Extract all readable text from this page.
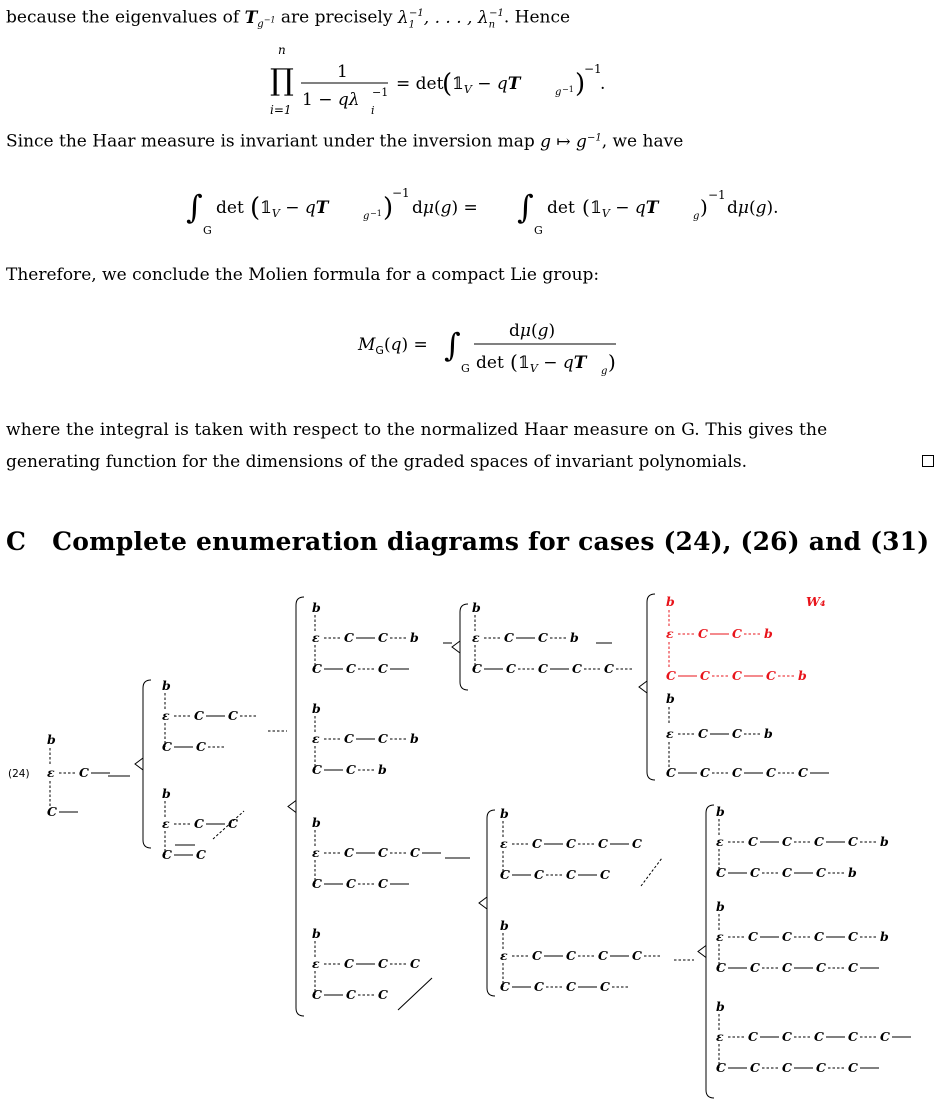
because the eigenvalues of $T_{g^{-1}}$ are precisely $\lambda_1^{-1}$, . . . , $\lambda_n^{-1}$. Hence
n
∏
i=1
1
1 − qλ
i
−1 = det
( $𝟙_V$ − qT	g −1 )
−1
.
Since the Haar measure is invariant under the inversion map g ↦ $g^{-1}$, we have
∫
G
det ( $𝟙_V$ − qT	g −1 )
−1
dμ(g) = ∫
G
det ( $𝟙_V$ − qT	g ) −1
dμ(g).
Therefore, we conclude the Molien formula for a compact Lie group:
$M_G(q)$ = ∫
G
dμ(g)
det ( $𝟙_V$ − qT g )
where the integral is taken with respect to the normalized Haar measure on G. This gives the
generating function for the dimensions of the graded spaces of invariant polynomials.
C Complete enumeration diagrams for cases (24), (26) and (31)
(24)
b
ε C
C
b
ε C C
C C
b
ε C C
C C
b
ε C C b
C C C
b
ε C C b
C C b
b
ε C C C
C C C
b
ε C C C
C C C
b
ε C C b
C C C C C
W₄
b
ε C C b
C C C C b
b
ε C C b
C C C C C
b
ε C C C C
C C C C
b
ε C C C C
C C C C
b
ε C C C C b
C C C C b
b
ε C C C C b
C C C C C
b
ε C C C C C
C C C C C
